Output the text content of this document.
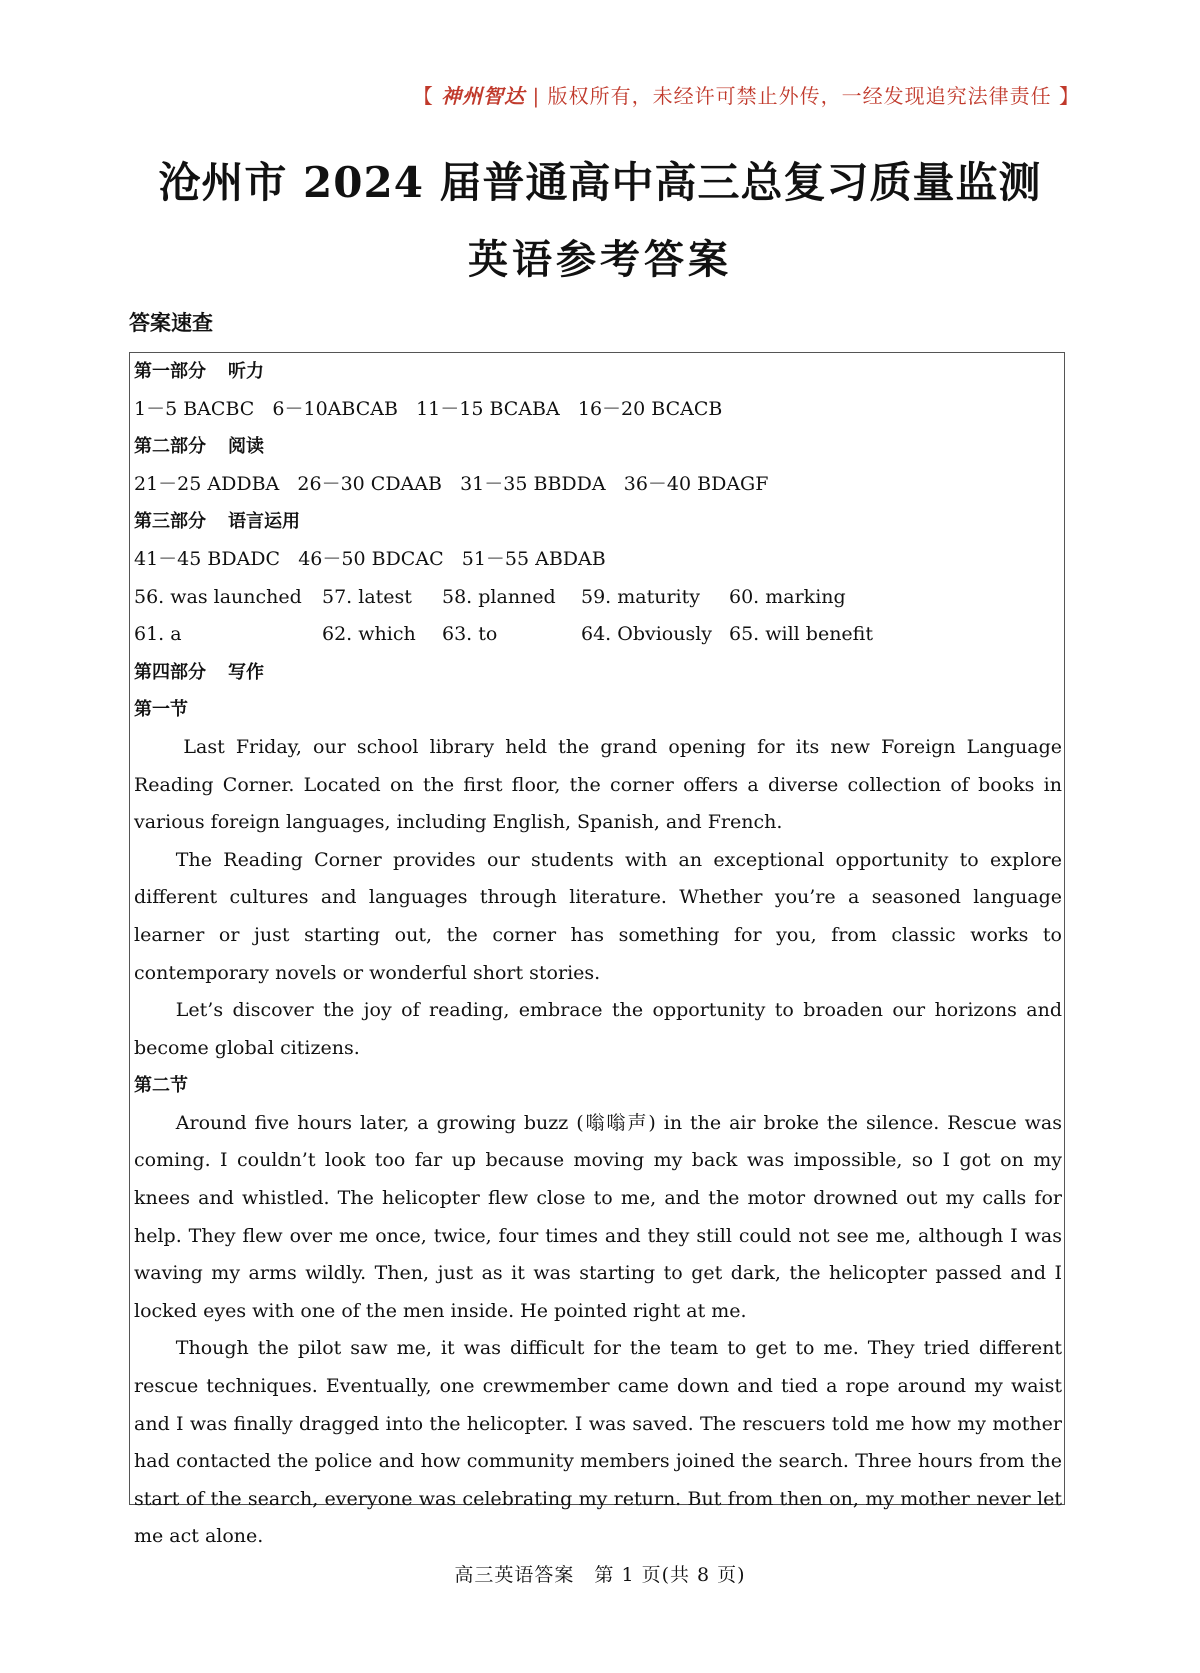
【 神州智达 | 版权所有，未经许可禁止外传，一经发现追究法律责任 】
沧州市 2024 届普通高中高三总复习质量监测
英语参考答案
答案速查
第一部分 听力
1－5 BACBC 6－10ABCAB 11－15 BCABA 16－20 BCACB
第二部分 阅读
21－25 ADDBA 26－30 CDAAB 31－35 BBDDA 36－40 BDAGF
第三部分 语言运用
41－45 BDADC 46－50 BDCAC 51－55 ABDAB
56. was launched	57. latest	58. planned	59. maturity	60. marking
61. a	62. which	63. to	64. Obviously 65. will benefit
第四部分 写作
第一节

Last Friday, our school library held the grand opening for its new Foreign Language Reading Corner. Located on the first floor, the corner offers a diverse collection of books in various foreign languages, including English, Spanish, and French.

The Reading Corner provides our students with an exceptional opportunity to explore different cultures and languages through literature. Whether you’re a seasoned language learner or just starting out, the corner has something for you, from classic works to contemporary novels or wonderful short stories.

Let’s discover the joy of reading, embrace the opportunity to broaden our horizons and become global citizens.

第二节

Around five hours later, a growing buzz (嗡嗡声) in the air broke the silence. Rescue was coming. I couldn’t look too far up because moving my back was impossible, so I got on my knees and whistled. The helicopter flew close to me, and the motor drowned out my calls for help. They flew over me once, twice, four times and they still could not see me, although I was waving my arms wildly. Then, just as it was starting to get dark, the helicopter passed and I locked eyes with one of the men inside. He pointed right at me.

Though the pilot saw me, it was difficult for the team to get to me. They tried different rescue techniques. Eventually, one crewmember came down and tied a rope around my waist and I was finally dragged into the helicopter. I was saved. The rescuers told me how my mother had contacted the police and how community members joined the search. Three hours from the start of the search, everyone was celebrating my return. But from then on, my mother never let me act alone.

高三英语答案　第 1 页(共 8 页)
